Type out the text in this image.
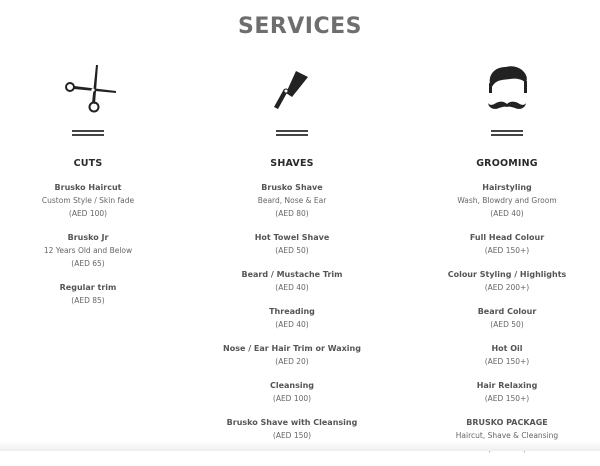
SERVICES
CUTS
Brusko Haircut
Custom Style / Skin fade
(AED 100)
Brusko Jr
12 Years Old and Below
(AED 65)
Regular trim
(AED 85)
SHAVES
Brusko Shave
Beard, Nose & Ear
(AED 80)
Hot Towel Shave
(AED 50)
Beard / Mustache Trim
(AED 40)
Threading
(AED 40)
Nose / Ear Hair Trim or Waxing
(AED 20)
Cleansing
(AED 100)
Brusko Shave with Cleansing
(AED 150)
GROOMING
Hairstyling
Wash, Blowdry and Groom
(AED 40)
Full Head Colour
(AED 150+)
Colour Styling / Highlights
(AED 200+)
Beard Colour
(AED 50)
Hot Oil
(AED 150+)
Hair Relaxing
(AED 150+)
BRUSKO PACKAGE
Haircut, Shave & Cleansing
